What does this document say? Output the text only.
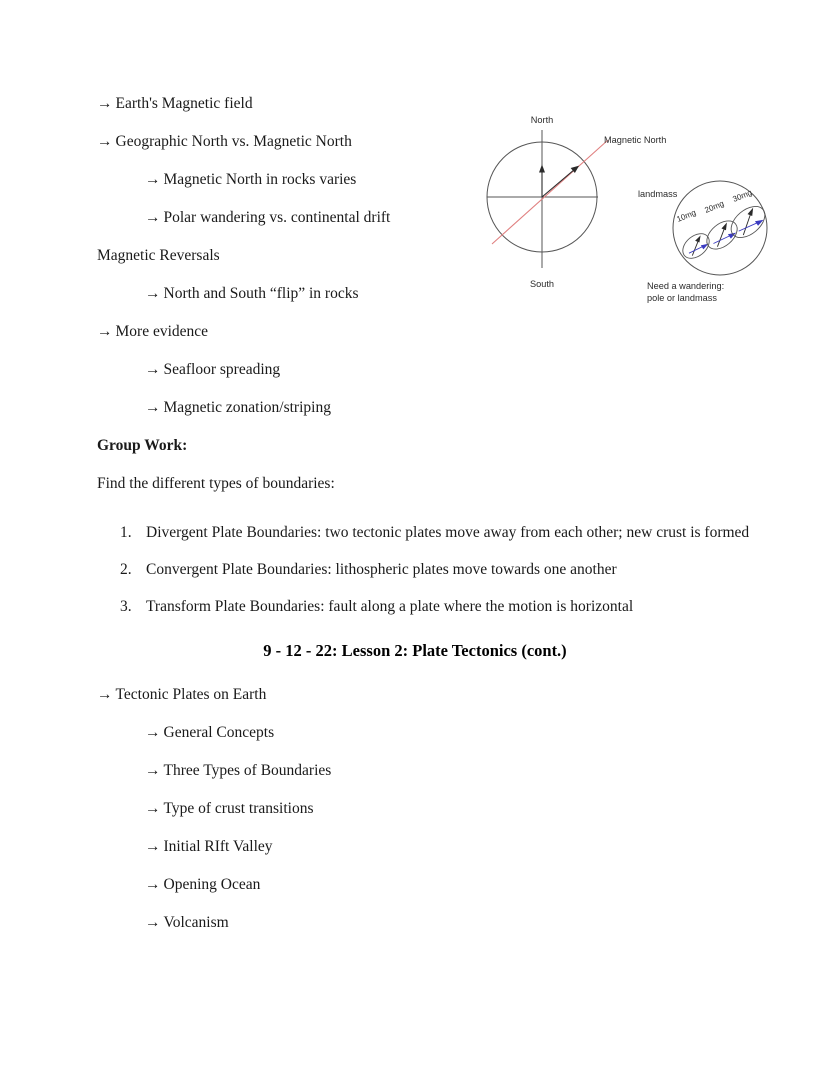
North
South
Magnetic North
landmass
10mg
20mg
30mg
Need a wandering:
pole or landmass
→ Earth's Magnetic field
→ Geographic North vs. Magnetic North
→ Magnetic North in rocks varies
→ Polar wandering vs. continental drift
Magnetic Reversals
→ North and South “flip” in rocks
→ More evidence
→ Seafloor spreading
→ Magnetic zonation/striping
Group Work:
Find the different types of boundaries:
1. Divergent Plate Boundaries: two tectonic plates move away from each other; new crust is formed
2. Convergent Plate Boundaries: lithospheric plates move towards one another
3. Transform Plate Boundaries: fault along a plate where the motion is horizontal
9 - 12 - 22: Lesson 2: Plate Tectonics (cont.)
→ Tectonic Plates on Earth
→ General Concepts
→ Three Types of Boundaries
→ Type of crust transitions
→ Initial RIft Valley
→ Opening Ocean
→ Volcanism
